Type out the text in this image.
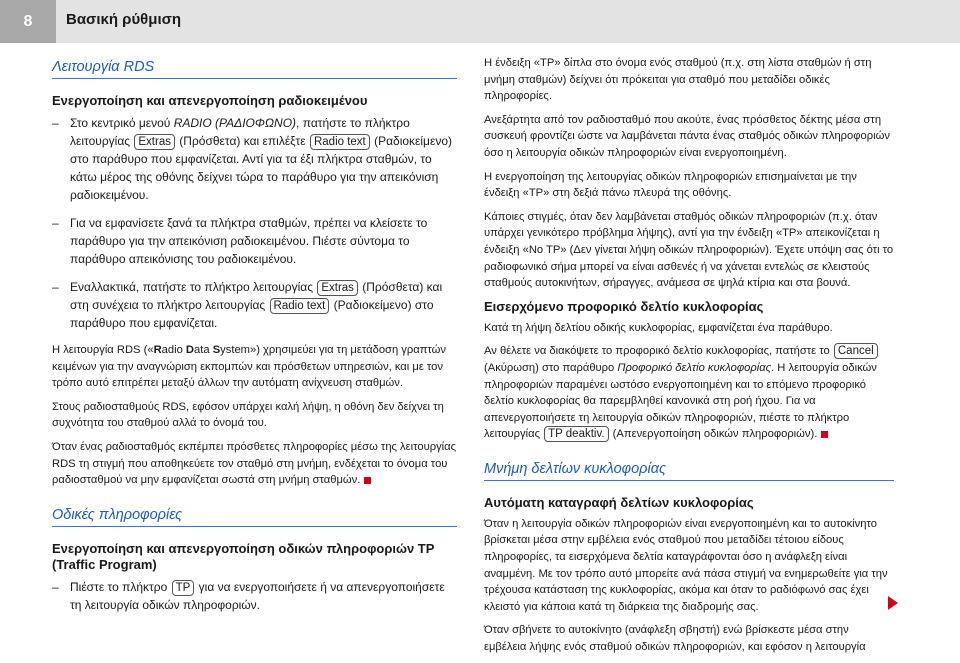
8	Βασική ρύθμιση
Λειτουργία RDS
Ενεργοποίηση και απενεργοποίηση ραδιοκειμένου
– Στο κεντρικό μενού RADIO (ΡΑΔΙΟΦΩΝΟ), πατήστε το πλήκτρο λειτουργίας Extras (Πρόσθετα) και επιλέξτε Radio text (Ραδιοκείμενο) στο παράθυρο που εμφανίζεται. Αντί για τα έξι πλήκτρα σταθμών, το κάτω μέρος της οθόνης δείχνει τώρα το παράθυρο για την απεικόνιση ραδιοκειμένου.
– Για να εμφανίσετε ξανά τα πλήκτρα σταθμών, πρέπει να κλείσετε το παράθυρο για την απεικόνιση ραδιοκειμένου. Πιέστε σύντομα το παράθυρο απεικόνισης του ραδιοκειμένου.
– Εναλλακτικά, πατήστε το πλήκτρο λειτουργίας Extras (Πρόσθετα) και στη συνέχεια το πλήκτρο λειτουργίας Radio text (Ραδιοκείμενο) στο παράθυρο που εμφανίζεται.
Η λειτουργία RDS («Radio Data System») χρησιμεύει για τη μετάδοση γραπτών κειμένων για την αναγνώριση εκπομπών και πρόσθετων υπηρεσιών, και με τον τρόπο αυτό επιτρέπει μεταξύ άλλων την αυτόματη ανίχνευση σταθμών.
Στους ραδιοσταθμούς RDS, εφόσον υπάρχει καλή λήψη, η οθόνη δεν δείχνει τη συχνότητα του σταθμού αλλά το όνομά του.
Όταν ένας ραδιοσταθμός εκπέμπει πρόσθετες πληροφορίες μέσω της λειτουργίας RDS τη στιγμή που αποθηκεύετε τον σταθμό στη μνήμη, ενδέχεται το όνομα του ραδιοσταθμού να μην εμφανίζεται σωστά στη μνήμη σταθμών.
Οδικές πληροφορίες
Ενεργοποίηση και απενεργοποίηση οδικών πληροφοριών TP (Traffic Program)
– Πιέστε το πλήκτρο TP για να ενεργοποιήσετε ή να απενεργοποιήσετε τη λειτουργία οδικών πληροφοριών.
Η ένδειξη «TP» δίπλα στο όνομα ενός σταθμού (π.χ. στη λίστα σταθμών ή στη μνήμη σταθμών) δείχνει ότι πρόκειται για σταθμό που μεταδίδει οδικές πληροφορίες.
Ανεξάρτητα από τον ραδιοσταθμό που ακούτε, ένας πρόσθετος δέκτης μέσα στη συσκευή φροντίζει ώστε να λαμβάνεται πάντα ένας σταθμός οδικών πληροφοριών όσο η λειτουργία οδικών πληροφοριών είναι ενεργοποιημένη.
Η ενεργοποίηση της λειτουργίας οδικών πληροφοριών επισημαίνεται με την ένδειξη «TP» στη δεξιά πάνω πλευρά της οθόνης.
Κάποιες στιγμές, όταν δεν λαμβάνεται σταθμός οδικών πληροφοριών (π.χ. όταν υπάρχει γενικότερο πρόβλημα λήψης), αντί για την ένδειξη «TP» απεικονίζεται η ένδειξη «No TP» (Δεν γίνεται λήψη οδικών πληροφοριών). Έχετε υπόψη σας ότι το ραδιοφωνικό σήμα μπορεί να είναι ασθενές ή να χάνεται εντελώς σε κλειστούς σταθμούς αυτοκινήτων, σήραγγες, ανάμεσα σε ψηλά κτίρια και στα βουνά.
Εισερχόμενο προφορικό δελτίο κυκλοφορίας
Κατά τη λήψη δελτίου οδικής κυκλοφορίας, εμφανίζεται ένα παράθυρο.
Αν θέλετε να διακόψετε το προφορικό δελτίο κυκλοφορίας, πατήστε το Cancel (Ακύρωση) στο παράθυρο Προφορικό δελτίο κυκλοφορίας. Η λειτουργία οδικών πληροφοριών παραμένει ωστόσο ενεργοποιημένη και το επόμενο προφορικό δελτίο κυκλοφορίας θα παρεμβληθεί κανονικά στη ροή ήχου. Για να απενεργοποιήσετε τη λειτουργία οδικών πληροφοριών, πιέστε το πλήκτρο λειτουργίας TP deaktiv. (Απενεργοποίηση οδικών πληροφοριών).
Μνήμη δελτίων κυκλοφορίας
Αυτόματη καταγραφή δελτίων κυκλοφορίας
Όταν η λειτουργία οδικών πληροφοριών είναι ενεργοποιημένη και το αυτοκίνητο βρίσκεται μέσα στην εμβέλεια ενός σταθμού που μεταδίδει τέτοιου είδους πληροφορίες, τα εισερχόμενα δελτία καταγράφονται όσο η ανάφλεξη είναι αναμμένη. Με τον τρόπο αυτό μπορείτε ανά πάσα στιγμή να ενημερωθείτε για την τρέχουσα κατάσταση της κυκλοφορίας, ακόμα και όταν το ραδιόφωνό σας έχει κλειστό για κάποια κατά τη διάρκεια της διαδρομής σας.
Όταν σβήνετε το αυτοκίνητο (ανάφλεξη σβηστή) ενώ βρίσκεστε μέσα στην εμβέλεια λήψης ενός σταθμού οδικών πληροφοριών, και εφόσον η λειτουργία
